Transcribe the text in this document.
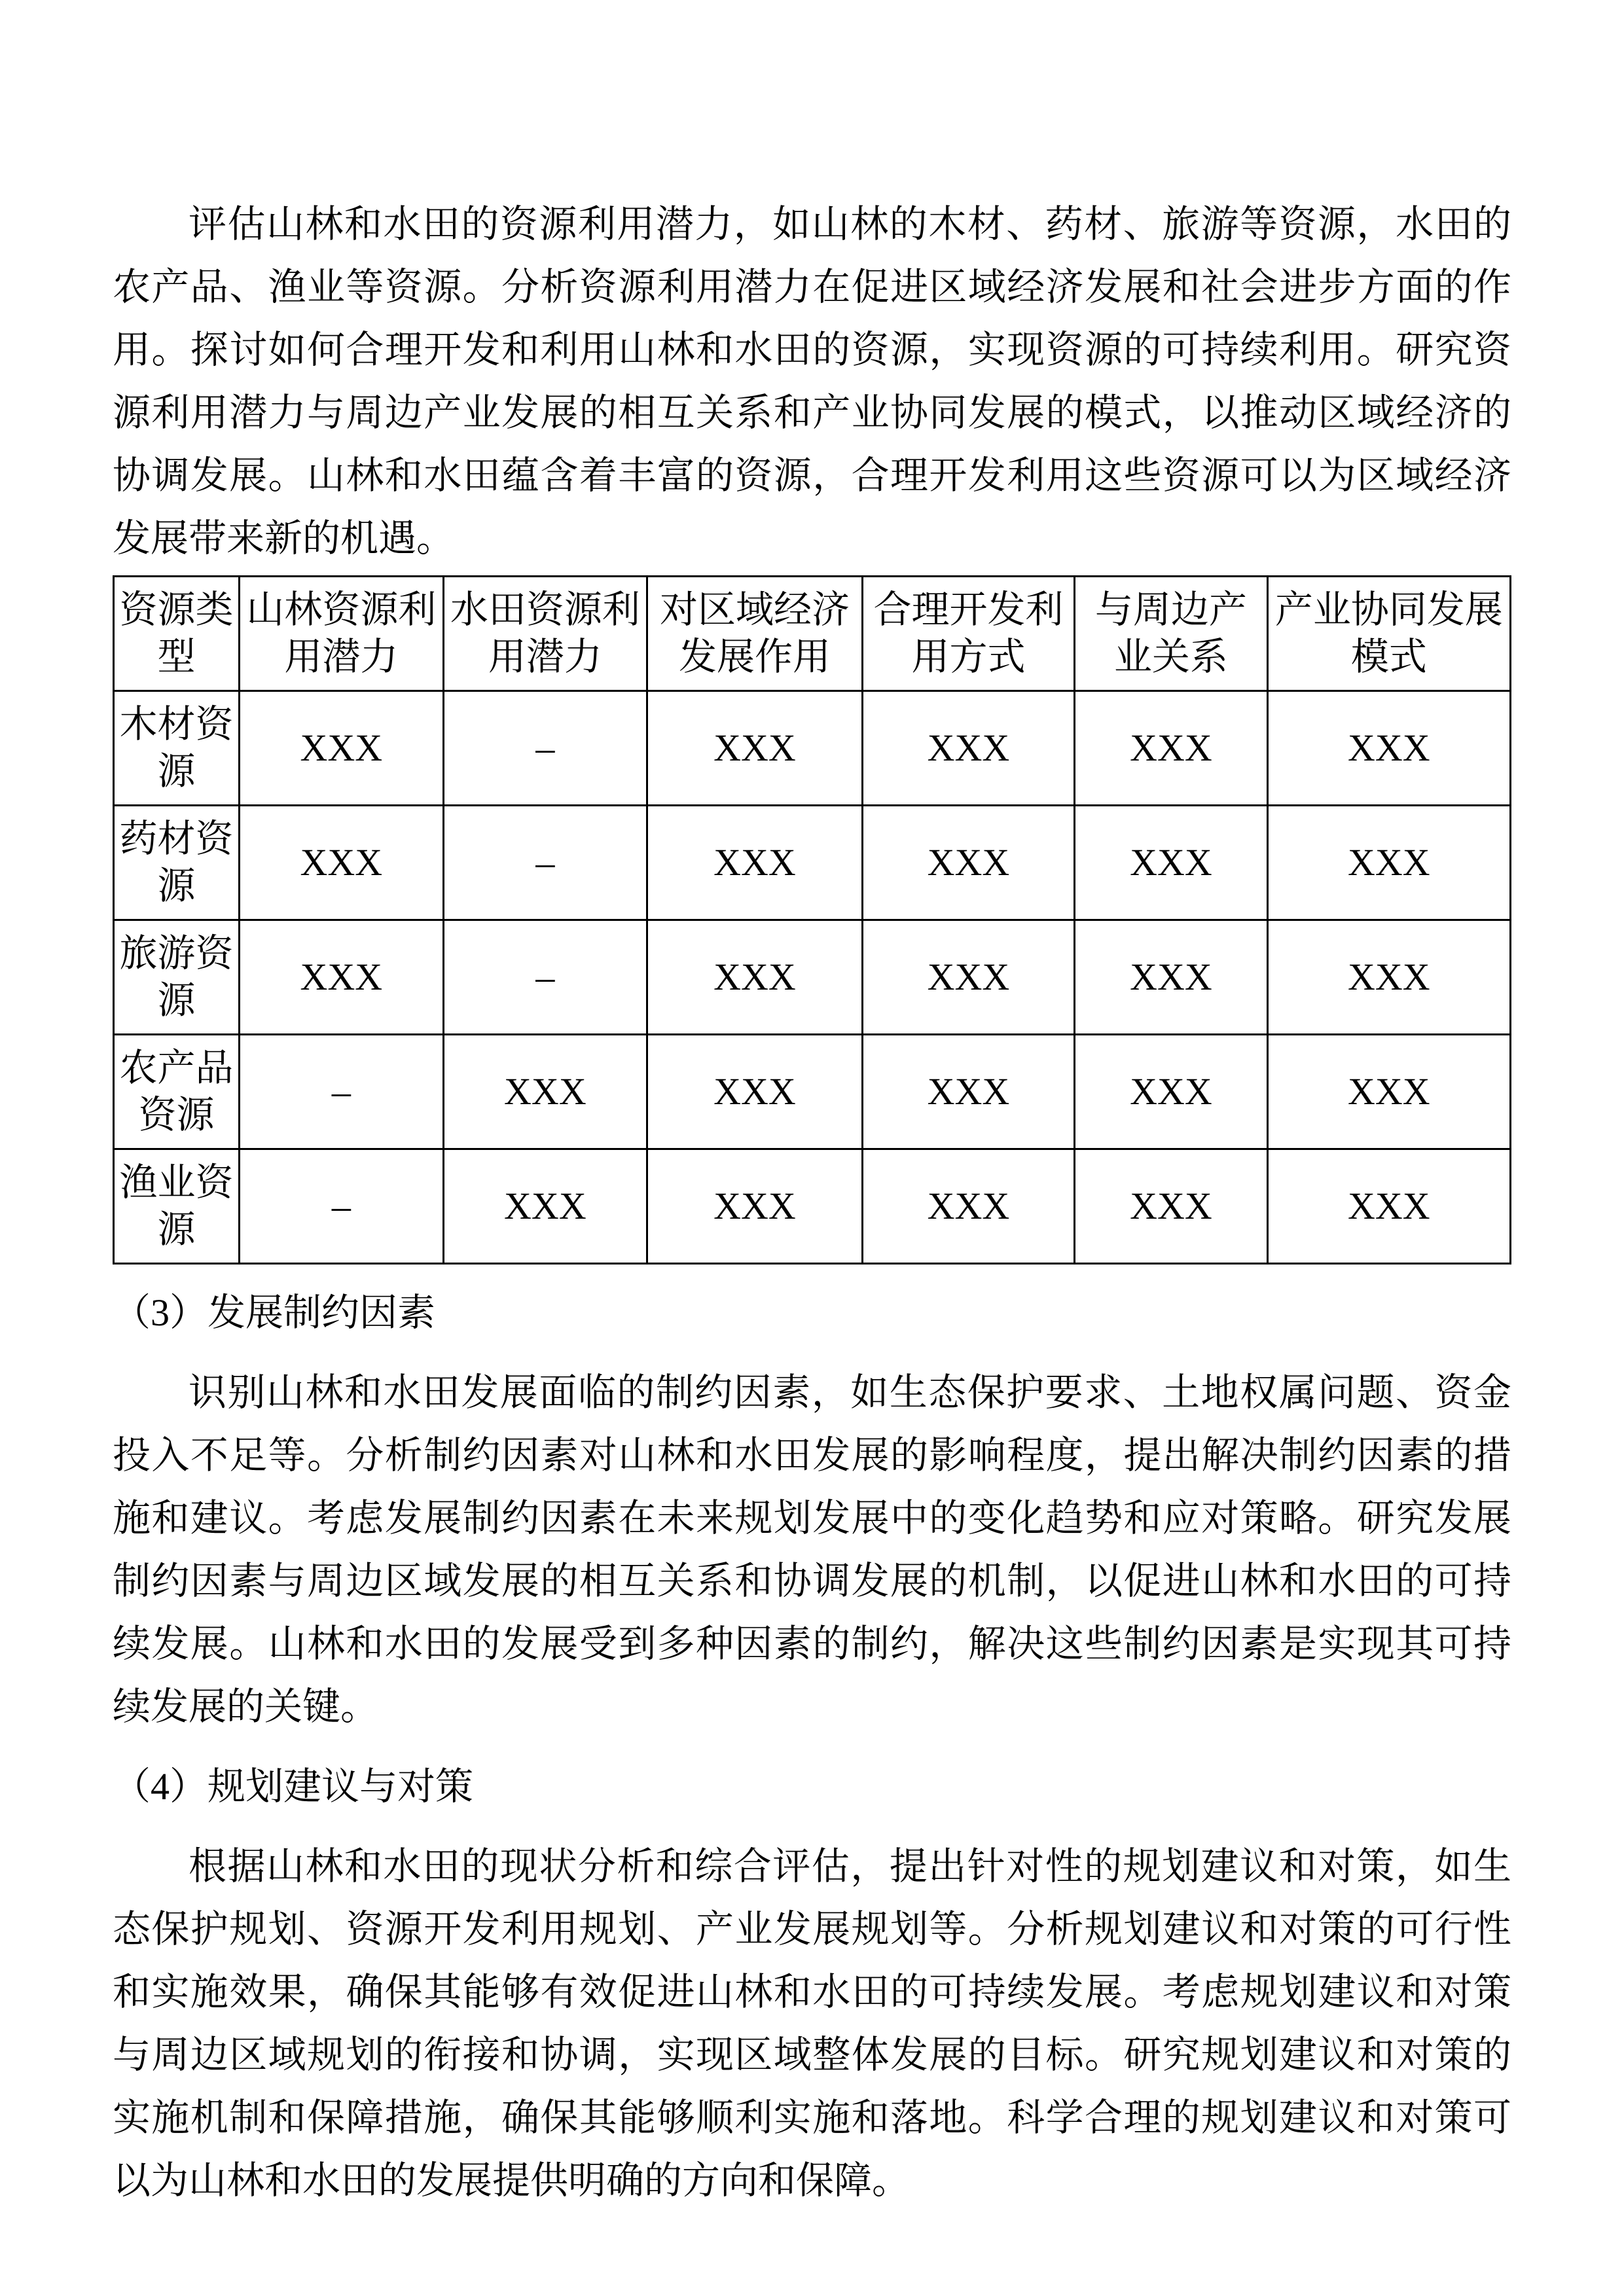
评估山林和水田的资源利用潜力，如山林的木材、药材、旅游等资源，水田的农产品、渔业等资源。分析资源利用潜力在促进区域经济发展和社会进步方面的作用。探讨如何合理开发和利用山林和水田的资源，实现资源的可持续利用。研究资源利用潜力与周边产业发展的相互关系和产业协同发展的模式，以推动区域经济的协调发展。山林和水田蕴含着丰富的资源，合理开发利用这些资源可以为区域经济发展带来新的机遇。

资源类型	山林资源利用潜力	水田资源利用潜力	对区域经济发展作用	合理开发利用方式	与周边产业关系	产业协同发展模式
木材资源	XXX	–	XXX	XXX	XXX	XXX
药材资源	XXX	–	XXX	XXX	XXX	XXX
旅游资源	XXX	–	XXX	XXX	XXX	XXX
农产品资源	–	XXX	XXX	XXX	XXX	XXX
渔业资源	–	XXX	XXX	XXX	XXX	XXX

（3）发展制约因素

识别山林和水田发展面临的制约因素，如生态保护要求、土地权属问题、资金投入不足等。分析制约因素对山林和水田发展的影响程度，提出解决制约因素的措施和建议。考虑发展制约因素在未来规划发展中的变化趋势和应对策略。研究发展制约因素与周边区域发展的相互关系和协调发展的机制，以促进山林和水田的可持续发展。山林和水田的发展受到多种因素的制约，解决这些制约因素是实现其可持续发展的关键。

（4）规划建议与对策

根据山林和水田的现状分析和综合评估，提出针对性的规划建议和对策，如生态保护规划、资源开发利用规划、产业发展规划等。分析规划建议和对策的可行性和实施效果，确保其能够有效促进山林和水田的可持续发展。考虑规划建议和对策与周边区域规划的衔接和协调，实现区域整体发展的目标。研究规划建议和对策的实施机制和保障措施，确保其能够顺利实施和落地。科学合理的规划建议和对策可以为山林和水田的发展提供明确的方向和保障。
